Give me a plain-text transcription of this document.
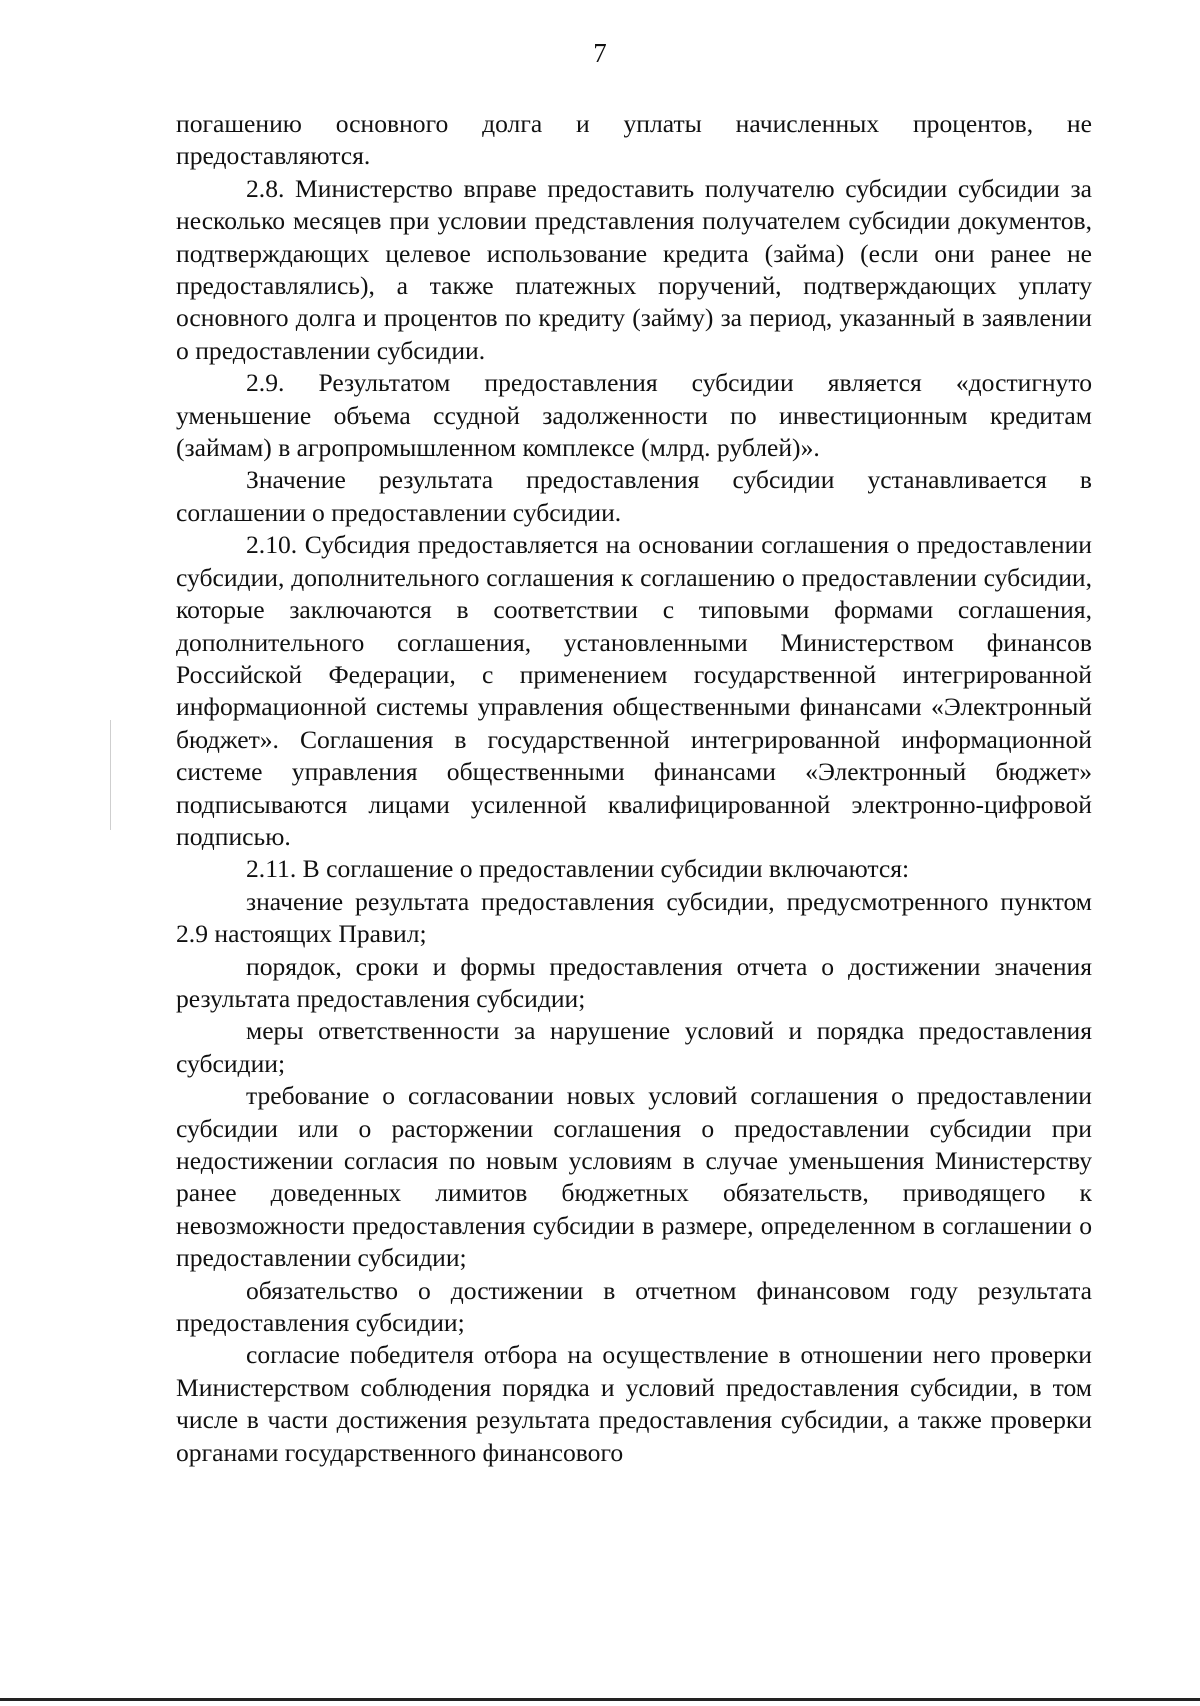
7

погашению основного долга и уплаты начисленных процентов, не предоставляются.

2.8. Министерство вправе предоставить получателю субсидии субсидии за несколько месяцев при условии представления получателем субсидии документов, подтверждающих целевое использование кредита (займа) (если они ранее не предоставлялись), а также платежных поручений, подтверждающих уплату основного долга и процентов по кредиту (займу) за период, указанный в заявлении о предоставлении субсидии.

2.9. Результатом предоставления субсидии является «достигнуто уменьшение объема ссудной задолженности по инвестиционным кредитам (займам) в агропромышленном комплексе (млрд. рублей)».

Значение результата предоставления субсидии устанавливается в соглашении о предоставлении субсидии.

2.10. Субсидия предоставляется на основании соглашения о предоставлении субсидии, дополнительного соглашения к соглашению о предоставлении субсидии, которые заключаются в соответствии с типовыми формами соглашения, дополнительного соглашения, установленными Министерством финансов Российской Федерации, с применением государственной интегрированной информационной системы управления общественными финансами «Электронный бюджет». Соглашения в государственной интегрированной информационной системе управления общественными финансами «Электронный бюджет» подписываются лицами усиленной квалифицированной электронно-цифровой подписью.

2.11. В соглашение о предоставлении субсидии включаются:

значение результата предоставления субсидии, предусмотренного пунктом 2.9 настоящих Правил;

порядок, сроки и формы предоставления отчета о достижении значения результата предоставления субсидии;

меры ответственности за нарушение условий и порядка предоставления субсидии;

требование о согласовании новых условий соглашения о предоставлении субсидии или о расторжении соглашения о предоставлении субсидии при недостижении согласия по новым условиям в случае уменьшения Министерству ранее доведенных лимитов бюджетных обязательств, приводящего к невозможности предоставления субсидии в размере, определенном в соглашении о предоставлении субсидии;

обязательство о достижении в отчетном финансовом году результата предоставления субсидии;

согласие победителя отбора на осуществление в отношении него проверки Министерством соблюдения порядка и условий предоставления субсидии, в том числе в части достижения результата предоставления субсидии, а также проверки органами государственного финансового
